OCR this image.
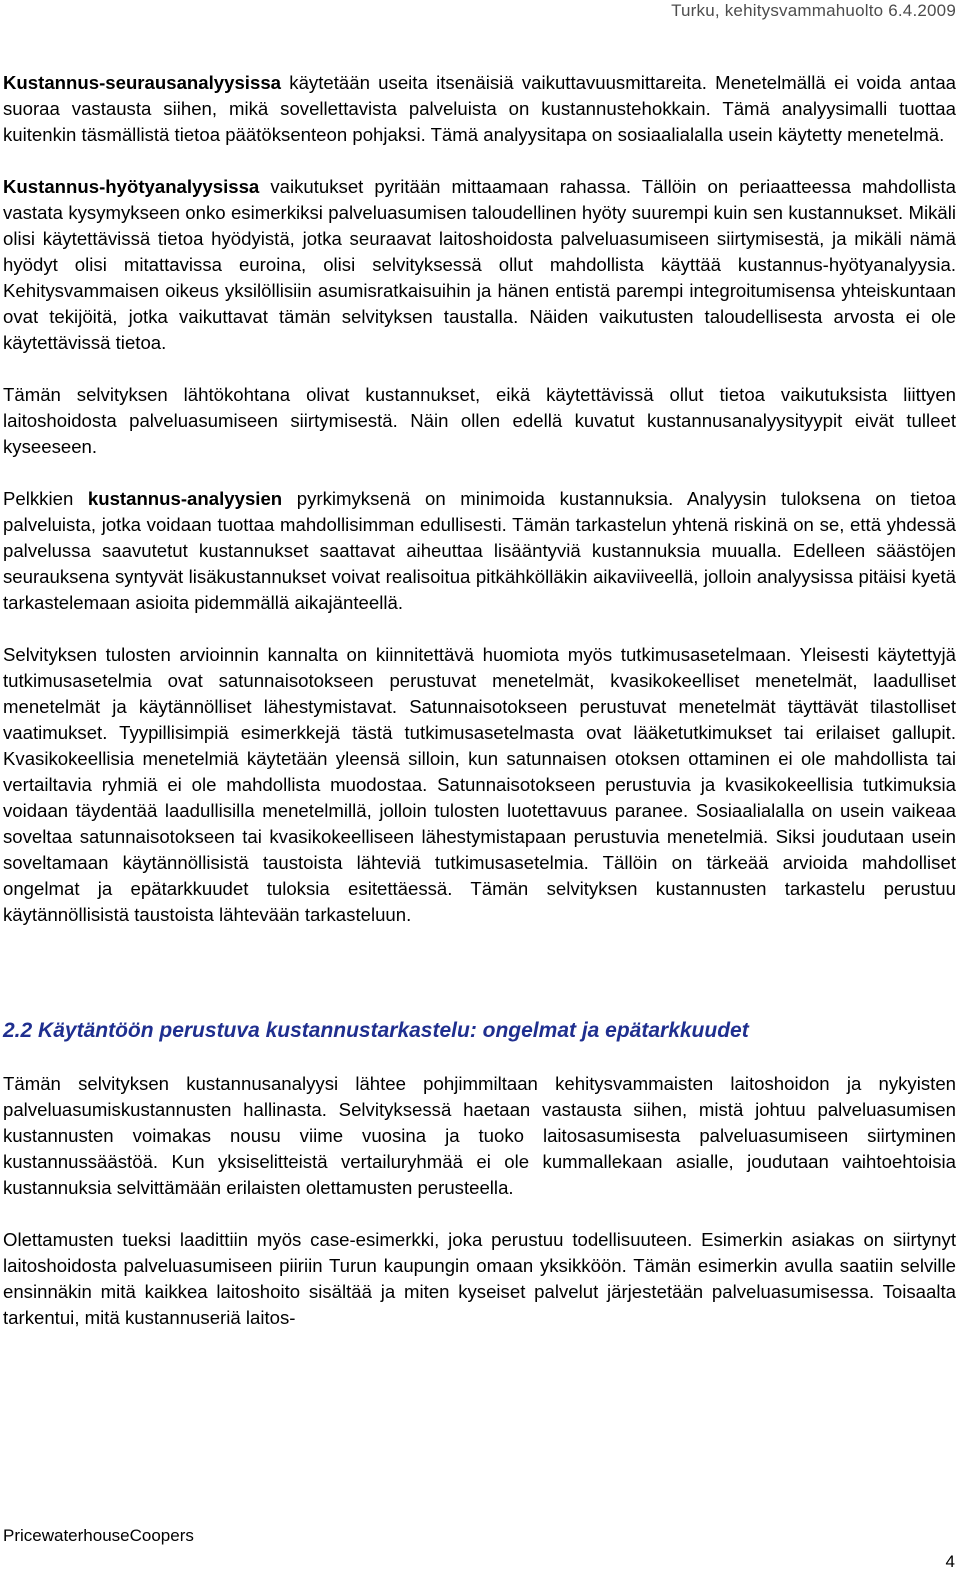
Turku, kehitysvammahuolto 6.4.2009

Kustannus-seurausanalyysissa käytetään useita itsenäisiä vaikuttavuusmittareita. Menetelmällä ei voida antaa suoraa vastausta siihen, mikä sovellettavista palveluista on kustannustehokkain. Tämä analyysimalli tuottaa kuitenkin täsmällistä tietoa päätöksenteon pohjaksi. Tämä analyysitapa on sosiaalialalla usein käytetty menetelmä.

Kustannus-hyötyanalyysissa vaikutukset pyritään mittaamaan rahassa. Tällöin on periaatteessa mahdollista vastata kysymykseen onko esimerkiksi palveluasumisen taloudellinen hyöty suurempi kuin sen kustannukset. Mikäli olisi käytettävissä tietoa hyödyistä, jotka seuraavat laitoshoidosta palveluasumiseen siirtymisestä, ja mikäli nämä hyödyt olisi mitattavissa euroina, olisi selvityksessä ollut mahdollista käyttää kustannus-hyötyanalyysia. Kehitysvammaisen oikeus yksilöllisiin asumisratkaisuihin ja hänen entistä parempi integroitumisensa yhteiskuntaan ovat tekijöitä, jotka vaikuttavat tämän selvityksen taustalla. Näiden vaikutusten taloudellisesta arvosta ei ole käytettävissä tietoa.

Tämän selvityksen lähtökohtana olivat kustannukset, eikä käytettävissä ollut tietoa vaikutuksista liittyen laitoshoidosta palveluasumiseen siirtymisestä. Näin ollen edellä kuvatut kustannusanalyysityypit eivät tulleet kyseeseen.

Pelkkien kustannus-analyysien pyrkimyksenä on minimoida kustannuksia. Analyysin tuloksena on tietoa palveluista, jotka voidaan tuottaa mahdollisimman edullisesti. Tämän tarkastelun yhtenä riskinä on se, että yhdessä palvelussa saavutetut kustannukset saattavat aiheuttaa lisääntyviä kustannuksia muualla. Edelleen säästöjen seurauksena syntyvät lisäkustannukset voivat realisoitua pitkähkölläkin aikaviiveellä, jolloin analyysissa pitäisi kyetä tarkastelemaan asioita pidemmällä aikajänteellä.

Selvityksen tulosten arvioinnin kannalta on kiinnitettävä huomiota myös tutkimusasetelmaan. Yleisesti käytettyjä tutkimusasetelmia ovat satunnaisotokseen perustuvat menetelmät, kvasikokeelliset menetelmät, laadulliset menetelmät ja käytännölliset lähestymistavat. Satunnaisotokseen perustuvat menetelmät täyttävät tilastolliset vaatimukset. Tyypillisimpiä esimerkkejä tästä tutkimusasetelmasta ovat lääketutkimukset tai erilaiset gallupit. Kvasikokeellisia menetelmiä käytetään yleensä silloin, kun satunnaisen otoksen ottaminen ei ole mahdollista tai vertailtavia ryhmiä ei ole mahdollista muodostaa. Satunnaisotokseen perustuvia ja kvasikokeellisia tutkimuksia voidaan täydentää laadullisilla menetelmillä, jolloin tulosten luotettavuus paranee. Sosiaalialalla on usein vaikeaa soveltaa satunnaisotokseen tai kvasikokeelliseen lähestymistapaan perustuvia menetelmiä. Siksi joudutaan usein soveltamaan käytännöllisistä taustoista lähteviä tutkimusasetelmia. Tällöin on tärkeää arvioida mahdolliset ongelmat ja epätarkkuudet tuloksia esitettäessä. Tämän selvityksen kustannusten tarkastelu perustuu käytännöllisistä taustoista lähtevään tarkasteluun.

2.2 Käytäntöön perustuva kustannustarkastelu: ongelmat ja epätarkkuudet

Tämän selvityksen kustannusanalyysi lähtee pohjimmiltaan kehitysvammaisten laitoshoidon ja nykyisten palveluasumiskustannusten hallinasta. Selvityksessä haetaan vastausta siihen, mistä johtuu palveluasumisen kustannusten voimakas nousu viime vuosina ja tuoko laitosasumisesta palveluasumiseen siirtyminen kustannussäästöä. Kun yksiselitteistä vertailuryhmää ei ole kummallekaan asialle, joudutaan vaihtoehtoisia kustannuksia selvittämään erilaisten olettamusten perusteella.

Olettamusten tueksi laadittiin myös case-esimerkki, joka perustuu todellisuuteen. Esimerkin asiakas on siirtynyt laitoshoidosta palveluasumiseen piiriin Turun kaupungin omaan yksikköön. Tämän esimerkin avulla saatiin selville ensinnäkin mitä kaikkea laitoshoito sisältää ja miten kyseiset palvelut järjestetään palveluasumisessa. Toisaalta tarkentui, mitä kustannuseriä laitos-

PricewaterhouseCoopers
4
